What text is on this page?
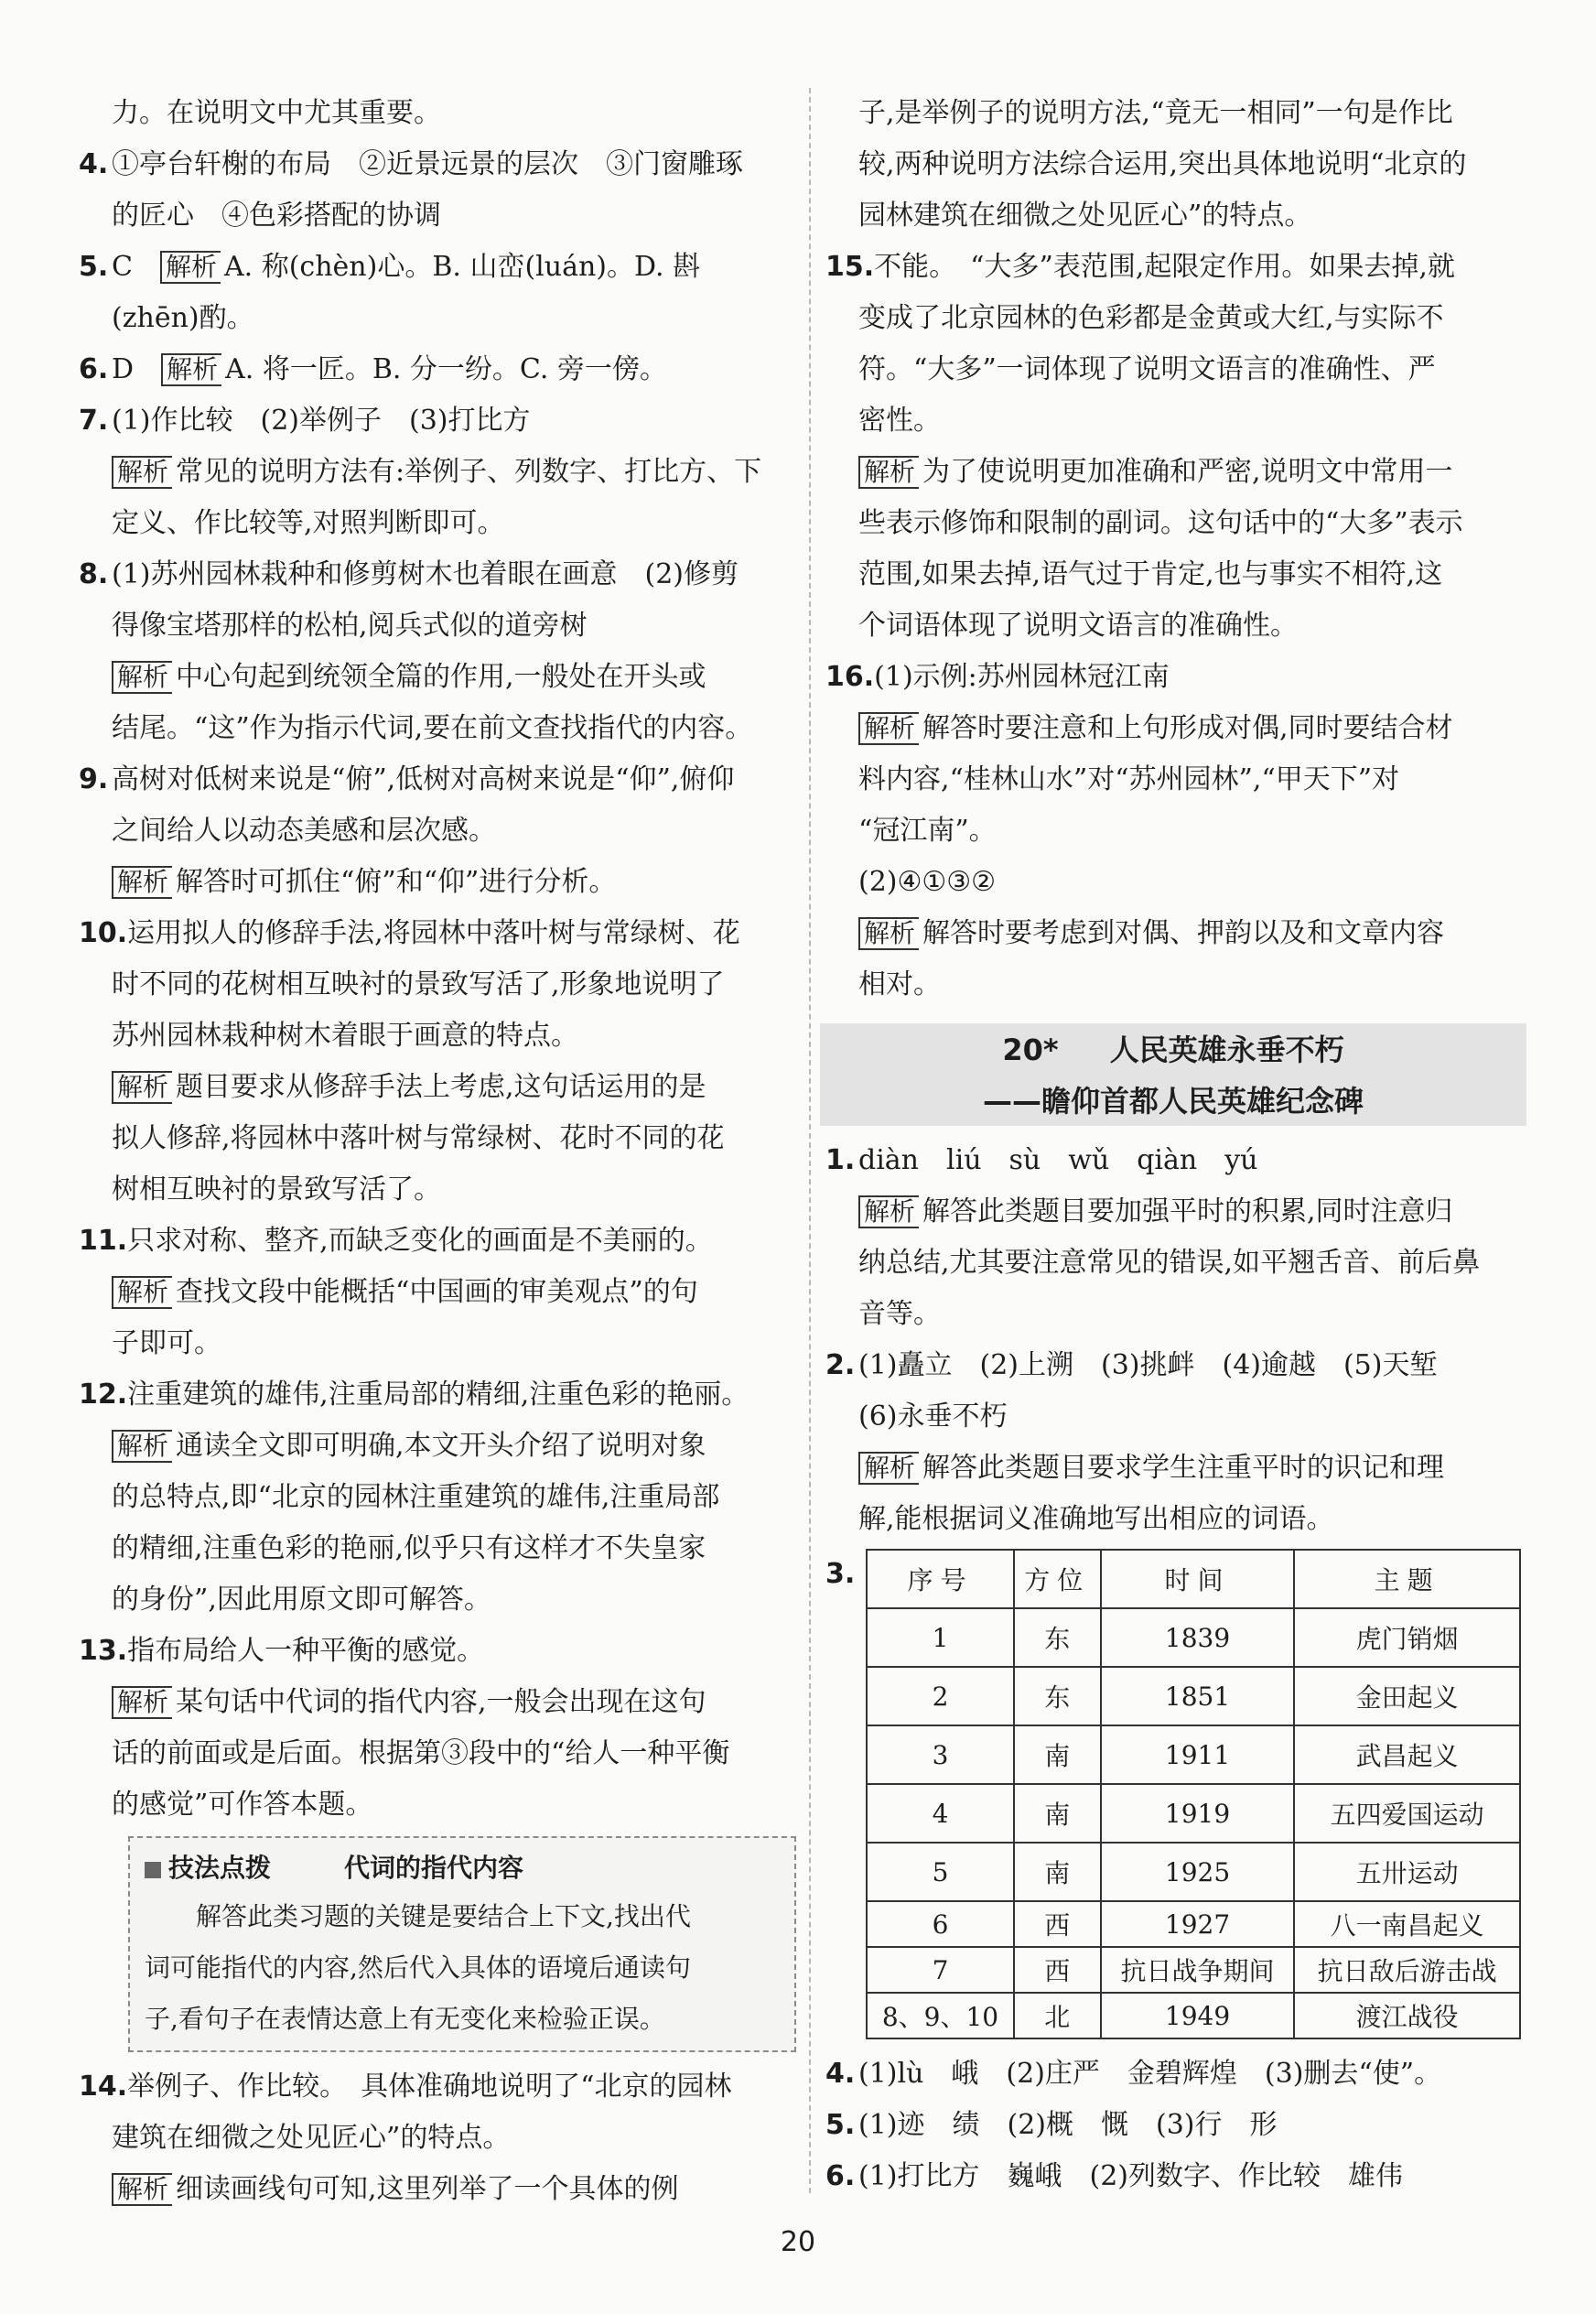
力。在说明文中尤其重要。
4. ①亭台轩榭的布局　②近景远景的层次　③门窗雕琢
的匠心　④色彩搭配的协调
5. C　解析 A. 称(chèn)心。B. 山峦(luán)。D. 斟
(zhēn)酌。
6. D　解析 A. 将一匠。B. 分一纷。C. 旁一傍。
7. (1)作比较　(2)举例子　(3)打比方
解析 常见的说明方法有:举例子、列数字、打比方、下
定义、作比较等,对照判断即可。
8. (1)苏州园林栽种和修剪树木也着眼在画意　(2)修剪
得像宝塔那样的松柏,阅兵式似的道旁树
解析 中心句起到统领全篇的作用,一般处在开头或
结尾。“这”作为指示代词,要在前文查找指代的内容。
9. 高树对低树来说是“俯”,低树对高树来说是“仰”,俯仰
之间给人以动态美感和层次感。
解析 解答时可抓住“俯”和“仰”进行分析。
10.运用拟人的修辞手法,将园林中落叶树与常绿树、花
时不同的花树相互映衬的景致写活了,形象地说明了
苏州园林栽种树木着眼于画意的特点。
解析 题目要求从修辞手法上考虑,这句话运用的是
拟人修辞,将园林中落叶树与常绿树、花时不同的花
树相互映衬的景致写活了。
11.只求对称、整齐,而缺乏变化的画面是不美丽的。
解析 查找文段中能概括“中国画的审美观点”的句
子即可。
12.注重建筑的雄伟,注重局部的精细,注重色彩的艳丽。
解析 通读全文即可明确,本文开头介绍了说明对象
的总特点,即“北京的园林注重建筑的雄伟,注重局部
的精细,注重色彩的艳丽,似乎只有这样才不失皇家
的身份”,因此用原文即可解答。
13.指布局给人一种平衡的感觉。
解析 某句话中代词的指代内容,一般会出现在这句
话的前面或是后面。根据第③段中的“给人一种平衡
的感觉”可作答本题。
技法点拨	代词的指代内容
解答此类习题的关键是要结合上下文,找出代
词可能指代的内容,然后代入具体的语境后通读句
子,看句子在表情达意上有无变化来检验正误。
14.举例子、作比较。　具体准确地说明了“北京的园林
建筑在细微之处见匠心”的特点。
解析 细读画线句可知,这里列举了一个具体的例
子,是举例子的说明方法,“竟无一相同”一句是作比
较,两种说明方法综合运用,突出具体地说明“北京的
园林建筑在细微之处见匠心”的特点。
15.不能。　“大多”表范围,起限定作用。如果去掉,就
变成了北京园林的色彩都是金黄或大红,与实际不
符。“大多”一词体现了说明文语言的准确性、严
密性。
解析 为了使说明更加准确和严密,说明文中常用一
些表示修饰和限制的副词。这句话中的“大多”表示
范围,如果去掉,语气过于肯定,也与事实不相符,这
个词语体现了说明文语言的准确性。
16.(1)示例:苏州园林冠江南
解析 解答时要注意和上句形成对偶,同时要结合材
料内容,“桂林山水”对“苏州园林”,“甲天下”对
“冠江南”。
(2)④①③②
解析 解答时要考虑到对偶、押韵以及和文章内容
相对。
20* 人民英雄永垂不朽
——瞻仰首都人民英雄纪念碑
1. diàn　liú　sù　wǔ　qiàn　yú
解析 解答此类题目要加强平时的积累,同时注意归
纳总结,尤其要注意常见的错误,如平翘舌音、前后鼻
音等。
2. (1)矗立　(2)上溯　(3)挑衅　(4)逾越　(5)天堑
(6)永垂不朽
解析 解答此类题目要求学生注重平时的识记和理
解,能根据词义准确地写出相应的词语。
3. 序号	方位	时间	主题
1	东	1839	虎门销烟
2	东	1851	金田起义
3	南	1911	武昌起义
4	南	1919	五四爱国运动
5	南	1925	五卅运动
6	西	1927	八一南昌起义
7	西	抗日战争期间	抗日敌后游击战
8、9、10	北	1949	渡江战役
4. (1)lù　峨　(2)庄严　金碧辉煌　(3)删去“使”。
5. (1)迹　绩　(2)概　慨　(3)行　形
6. (1)打比方　巍峨　(2)列数字、作比较　雄伟
20
